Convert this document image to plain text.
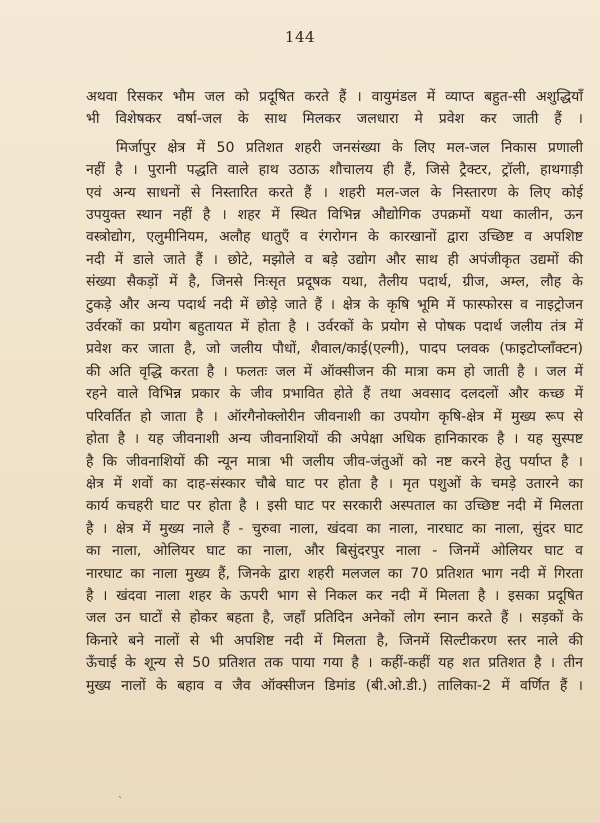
144

अथवा रिसकर भौम जल को प्रदूषित करते हैं । वायुमंडल में व्याप्त बहुत-सी अशुद्धियाँ

भी विशेषकर वर्षा-जल के साथ मिलकर जलधारा मे प्रवेश कर जाती हैं ।

मिर्जापुर क्षेत्र में 50 प्रतिशत शहरी जनसंख्या के लिए मल-जल निकास प्रणाली

नहीं है । पुरानी पद्धति वाले हाथ उठाऊ शौचालय ही हैं, जिसे ट्रैक्टर, ट्रॉली, हाथगाड़ी

एवं अन्य साधनों से निस्तारित करते हैं । शहरी मल-जल के निस्तारण के लिए कोई

उपयुक्त स्थान नहीं है । शहर में स्थित विभिन्न औद्योगिक उपक्रमों यथा कालीन, ऊन

वस्त्रोद्योग, एलुमीनियम, अलौह धातुएँ व रंगरोगन के कारखानों द्वारा उच्छिष्ट व अपशिष्ट

नदी में डाले जाते हैं । छोटे, मझोले व बड़े उद्योग और साथ ही अपंजीकृत उद्यमों की

संख्या सैकड़ों में है, जिनसे निःसृत प्रदूषक यथा, तैलीय पदार्थ, ग्रीज, अम्ल, लौह के

टुकड़े और अन्य पदार्थ नदी में छोड़े जाते हैं । क्षेत्र के कृषि भूमि में फास्फोरस व नाइट्रोजन

उर्वरकों का प्रयोग बहुतायत में होता है । उर्वरकों के प्रयोग से पोषक पदार्थ जलीय तंत्र में

प्रवेश कर जाता है, जो जलीय पौधों, शैवाल/काई(एल्गी), पादप प्लवक (फाइटोप्लाँक्टन)

की अति वृद्धि करता है । फलतः जल में ऑक्सीजन की मात्रा कम हो जाती है । जल में

रहने वाले विभिन्न प्रकार के जीव प्रभावित होते हैं तथा अवसाद दलदलों और कच्छ में

परिवर्तित हो जाता है । ऑरगैनोक्लोरीन जीवनाशी का उपयोग कृषि-क्षेत्र में मुख्य रूप से

होता है । यह जीवनाशी अन्य जीवनाशियों की अपेक्षा अधिक हानिकारक है । यह सुस्पष्ट

है कि जीवनाशियों की न्यून मात्रा भी जलीय जीव-जंतुओं को नष्ट करने हेतु पर्याप्त है ।

क्षेत्र में शवों का दाह-संस्कार चौबे घाट पर होता है । मृत पशुओं के चमड़े उतारने का

कार्य कचहरी घाट पर होता है । इसी घाट पर सरकारी अस्पताल का उच्छिष्ट नदी में मिलता

है । क्षेत्र में मुख्य नाले हैं - चुरुवा नाला, खंदवा का नाला, नारघाट का नाला, सुंदर घाट

का नाला, ओलियर घाट का नाला, और बिसुंदरपुर नाला - जिनमें ओलियर घाट व

नारघाट का नाला मुख्य हैं, जिनके द्वारा शहरी मलजल का 70 प्रतिशत भाग नदी में गिरता

है । खंदवा नाला शहर के ऊपरी भाग से निकल कर नदी में मिलता है । इसका प्रदूषित

जल उन घाटों से होकर बहता है, जहाँ प्रतिदिन अनेकों लोग स्नान करते हैं । सड़कों के

किनारे बने नालों से भी अपशिष्ट नदी में मिलता है, जिनमें सिल्टीकरण स्तर नाले की

ऊँचाई के शून्य से 50 प्रतिशत तक पाया गया है । कहीं-कहीं यह शत प्रतिशत है । तीन

मुख्य नालों के बहाव व जैव ऑक्सीजन डिमांड (बी.ओ.डी.) तालिका-2 में वर्णित हैं ।

`
